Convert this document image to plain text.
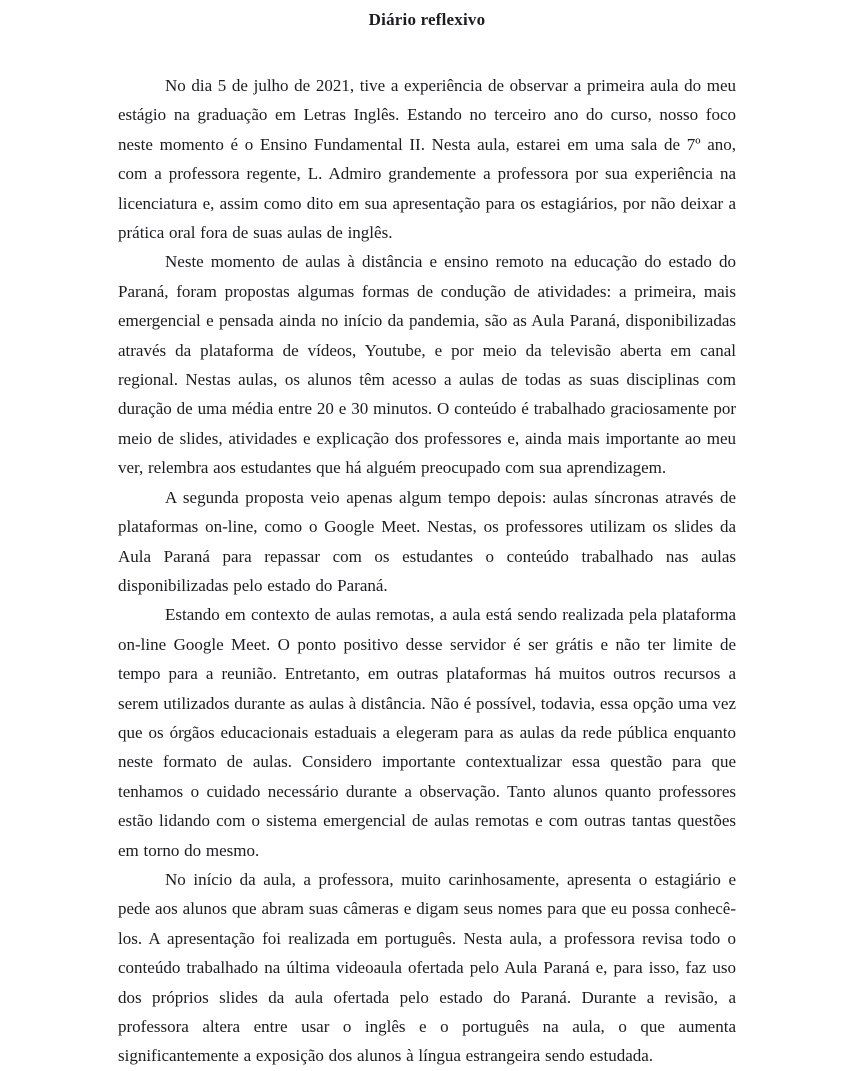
Diário reflexivo

No dia 5 de julho de 2021, tive a experiência de observar a primeira aula do meu estágio na graduação em Letras Inglês. Estando no terceiro ano do curso, nosso foco neste momento é o Ensino Fundamental II. Nesta aula, estarei em uma sala de 7º ano, com a professora regente, L. Admiro grandemente a professora por sua experiência na licenciatura e, assim como dito em sua apresentação para os estagiários, por não deixar a prática oral fora de suas aulas de inglês.

Neste momento de aulas à distância e ensino remoto na educação do estado do Paraná, foram propostas algumas formas de condução de atividades: a primeira, mais emergencial e pensada ainda no início da pandemia, são as Aula Paraná, disponibilizadas através da plataforma de vídeos, Youtube, e por meio da televisão aberta em canal regional. Nestas aulas, os alunos têm acesso a aulas de todas as suas disciplinas com duração de uma média entre 20 e 30 minutos. O conteúdo é trabalhado graciosamente por meio de slides, atividades e explicação dos professores e, ainda mais importante ao meu ver, relembra aos estudantes que há alguém preocupado com sua aprendizagem.

A segunda proposta veio apenas algum tempo depois: aulas síncronas através de plataformas on-line, como o Google Meet. Nestas, os professores utilizam os slides da Aula Paraná para repassar com os estudantes o conteúdo trabalhado nas aulas disponibilizadas pelo estado do Paraná.

Estando em contexto de aulas remotas, a aula está sendo realizada pela plataforma on-line Google Meet. O ponto positivo desse servidor é ser grátis e não ter limite de tempo para a reunião. Entretanto, em outras plataformas há muitos outros recursos a serem utilizados durante as aulas à distância. Não é possível, todavia, essa opção uma vez que os órgãos educacionais estaduais a elegeram para as aulas da rede pública enquanto neste formato de aulas. Considero importante contextualizar essa questão para que tenhamos o cuidado necessário durante a observação. Tanto alunos quanto professores estão lidando com o sistema emergencial de aulas remotas e com outras tantas questões em torno do mesmo.

No início da aula, a professora, muito carinhosamente, apresenta o estagiário e pede aos alunos que abram suas câmeras e digam seus nomes para que eu possa conhecê-los. A apresentação foi realizada em português. Nesta aula, a professora revisa todo o conteúdo trabalhado na última videoaula ofertada pelo Aula Paraná e, para isso, faz uso dos próprios slides da aula ofertada pelo estado do Paraná. Durante a revisão, a professora altera entre usar o inglês e o português na aula, o que aumenta significantemente a exposição dos alunos à língua estrangeira sendo estudada.
